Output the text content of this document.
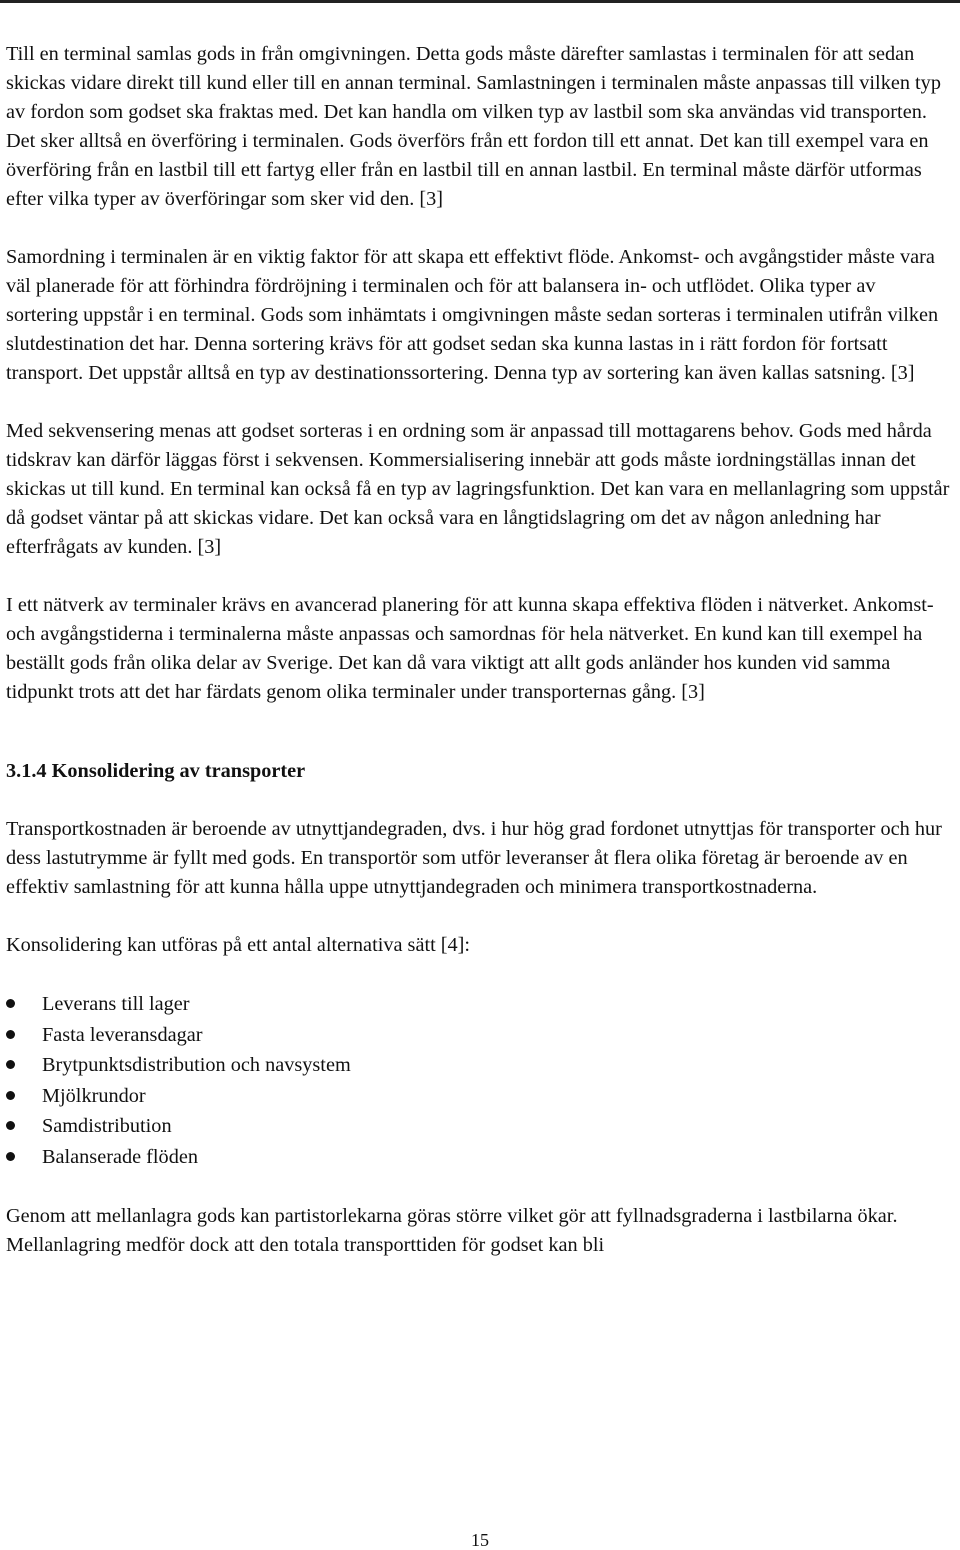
Till en terminal samlas gods in från omgivningen. Detta gods måste därefter samlastas i terminalen för att sedan skickas vidare direkt till kund eller till en annan terminal. Samlastningen i terminalen måste anpassas till vilken typ av fordon som godset ska fraktas med. Det kan handla om vilken typ av lastbil som ska användas vid transporten. Det sker alltså en överföring i terminalen. Gods överförs från ett fordon till ett annat. Det kan till exempel vara en överföring från en lastbil till ett fartyg eller från en lastbil till en annan lastbil. En terminal måste därför utformas efter vilka typer av överföringar som sker vid den. [3]

Samordning i terminalen är en viktig faktor för att skapa ett effektivt flöde. Ankomst- och avgångstider måste vara väl planerade för att förhindra fördröjning i terminalen och för att balansera in- och utflödet. Olika typer av sortering uppstår i en terminal. Gods som inhämtats i omgivningen måste sedan sorteras i terminalen utifrån vilken slutdestination det har. Denna sortering krävs för att godset sedan ska kunna lastas in i rätt fordon för fortsatt transport. Det uppstår alltså en typ av destinationssortering. Denna typ av sortering kan även kallas satsning. [3]

Med sekvensering menas att godset sorteras i en ordning som är anpassad till mottagarens behov. Gods med hårda tidskrav kan därför läggas först i sekvensen. Kommersialisering innebär att gods måste iordningställas innan det skickas ut till kund. En terminal kan också få en typ av lagringsfunktion. Det kan vara en mellanlagring som uppstår då godset väntar på att skickas vidare. Det kan också vara en långtidslagring om det av någon anledning har efterfrågats av kunden. [3]

I ett nätverk av terminaler krävs en avancerad planering för att kunna skapa effektiva flöden i nätverket. Ankomst- och avgångstiderna i terminalerna måste anpassas och samordnas för hela nätverket. En kund kan till exempel ha beställt gods från olika delar av Sverige. Det kan då vara viktigt att allt gods anländer hos kunden vid samma tidpunkt trots att det har färdats genom olika terminaler under transporternas gång. [3]

3.1.4 Konsolidering av transporter

Transportkostnaden är beroende av utnyttjandegraden, dvs. i hur hög grad fordonet utnyttjas för transporter och hur dess lastutrymme är fyllt med gods. En transportör som utför leveranser åt flera olika företag är beroende av en effektiv samlastning för att kunna hålla uppe utnyttjandegraden och minimera transportkostnaderna.

Konsolidering kan utföras på ett antal alternativa sätt [4]:

Leverans till lager
Fasta leveransdagar
Brytpunktsdistribution och navsystem
Mjölkrundor
Samdistribution
Balanserade flöden

Genom att mellanlagra gods kan partistorlekarna göras större vilket gör att fyllnadsgraderna i lastbilarna ökar. Mellanlagring medför dock att den totala transporttiden för godset kan bli

15
